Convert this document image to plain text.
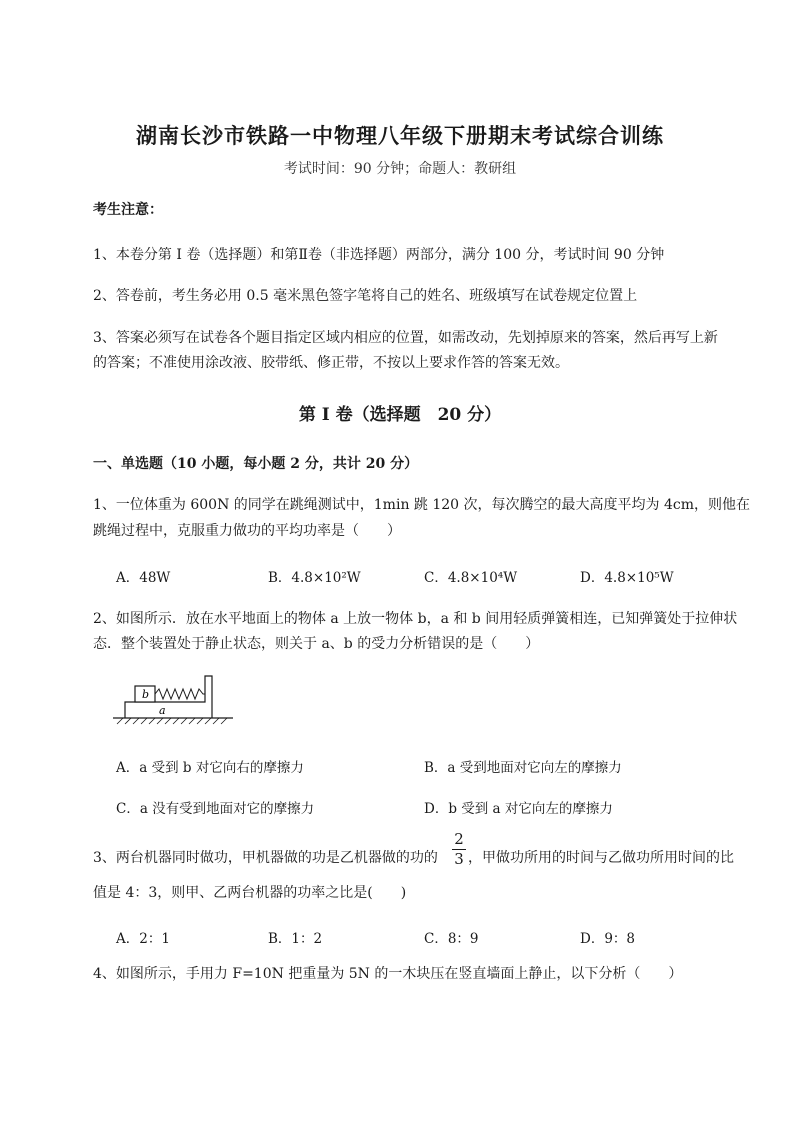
湖南长沙市铁路一中物理八年级下册期末考试综合训练
考试时间：90 分钟；命题人：教研组
考生注意：
1、本卷分第 I 卷（选择题）和第Ⅱ卷（非选择题）两部分，满分 100 分，考试时间 90 分钟
2、答卷前，考生务必用 0.5 毫米黑色签字笔将自己的姓名、班级填写在试卷规定位置上
3、答案必须写在试卷各个题目指定区域内相应的位置，如需改动，先划掉原来的答案，然后再写上新
的答案；不准使用涂改液、胶带纸、修正带，不按以上要求作答的答案无效。
第 I 卷（选择题　20 分）
一、单选题（10 小题，每小题 2 分，共计 20 分）
1、一位体重为 600N 的同学在跳绳测试中，1min 跳 120 次，每次腾空的最大高度平均为 4cm，则他在
跳绳过程中，克服重力做功的平均功率是（　　）
A．48W	B．4.8×10²W	C．4.8×10⁴W	D．4.8×10⁵W
2、如图所示．放在水平地面上的物体 a 上放一物体 b，a 和 b 间用轻质弹簧相连，已知弹簧处于拉伸状
态．整个装置处于静止状态，则关于 a、b 的受力分析错误的是（　　）
b
a
A．a 受到 b 对它向右的摩擦力	B．a 受到地面对它向左的摩擦力
C．a 没有受到地面对它的摩擦力	D．b 受到 a 对它向左的摩擦力
3、两台机器同时做功，甲机器做的功是乙机器做的功的
2
3 ，甲做功所用的时间与乙做功所用时间的比
值是 4：3，则甲、乙两台机器的功率之比是(　　)
A．2：1	B．1：2	C．8：9	D．9：8
4、如图所示，手用力 F=10N 把重量为 5N 的一木块压在竖直墙面上静止，以下分析（　　）
